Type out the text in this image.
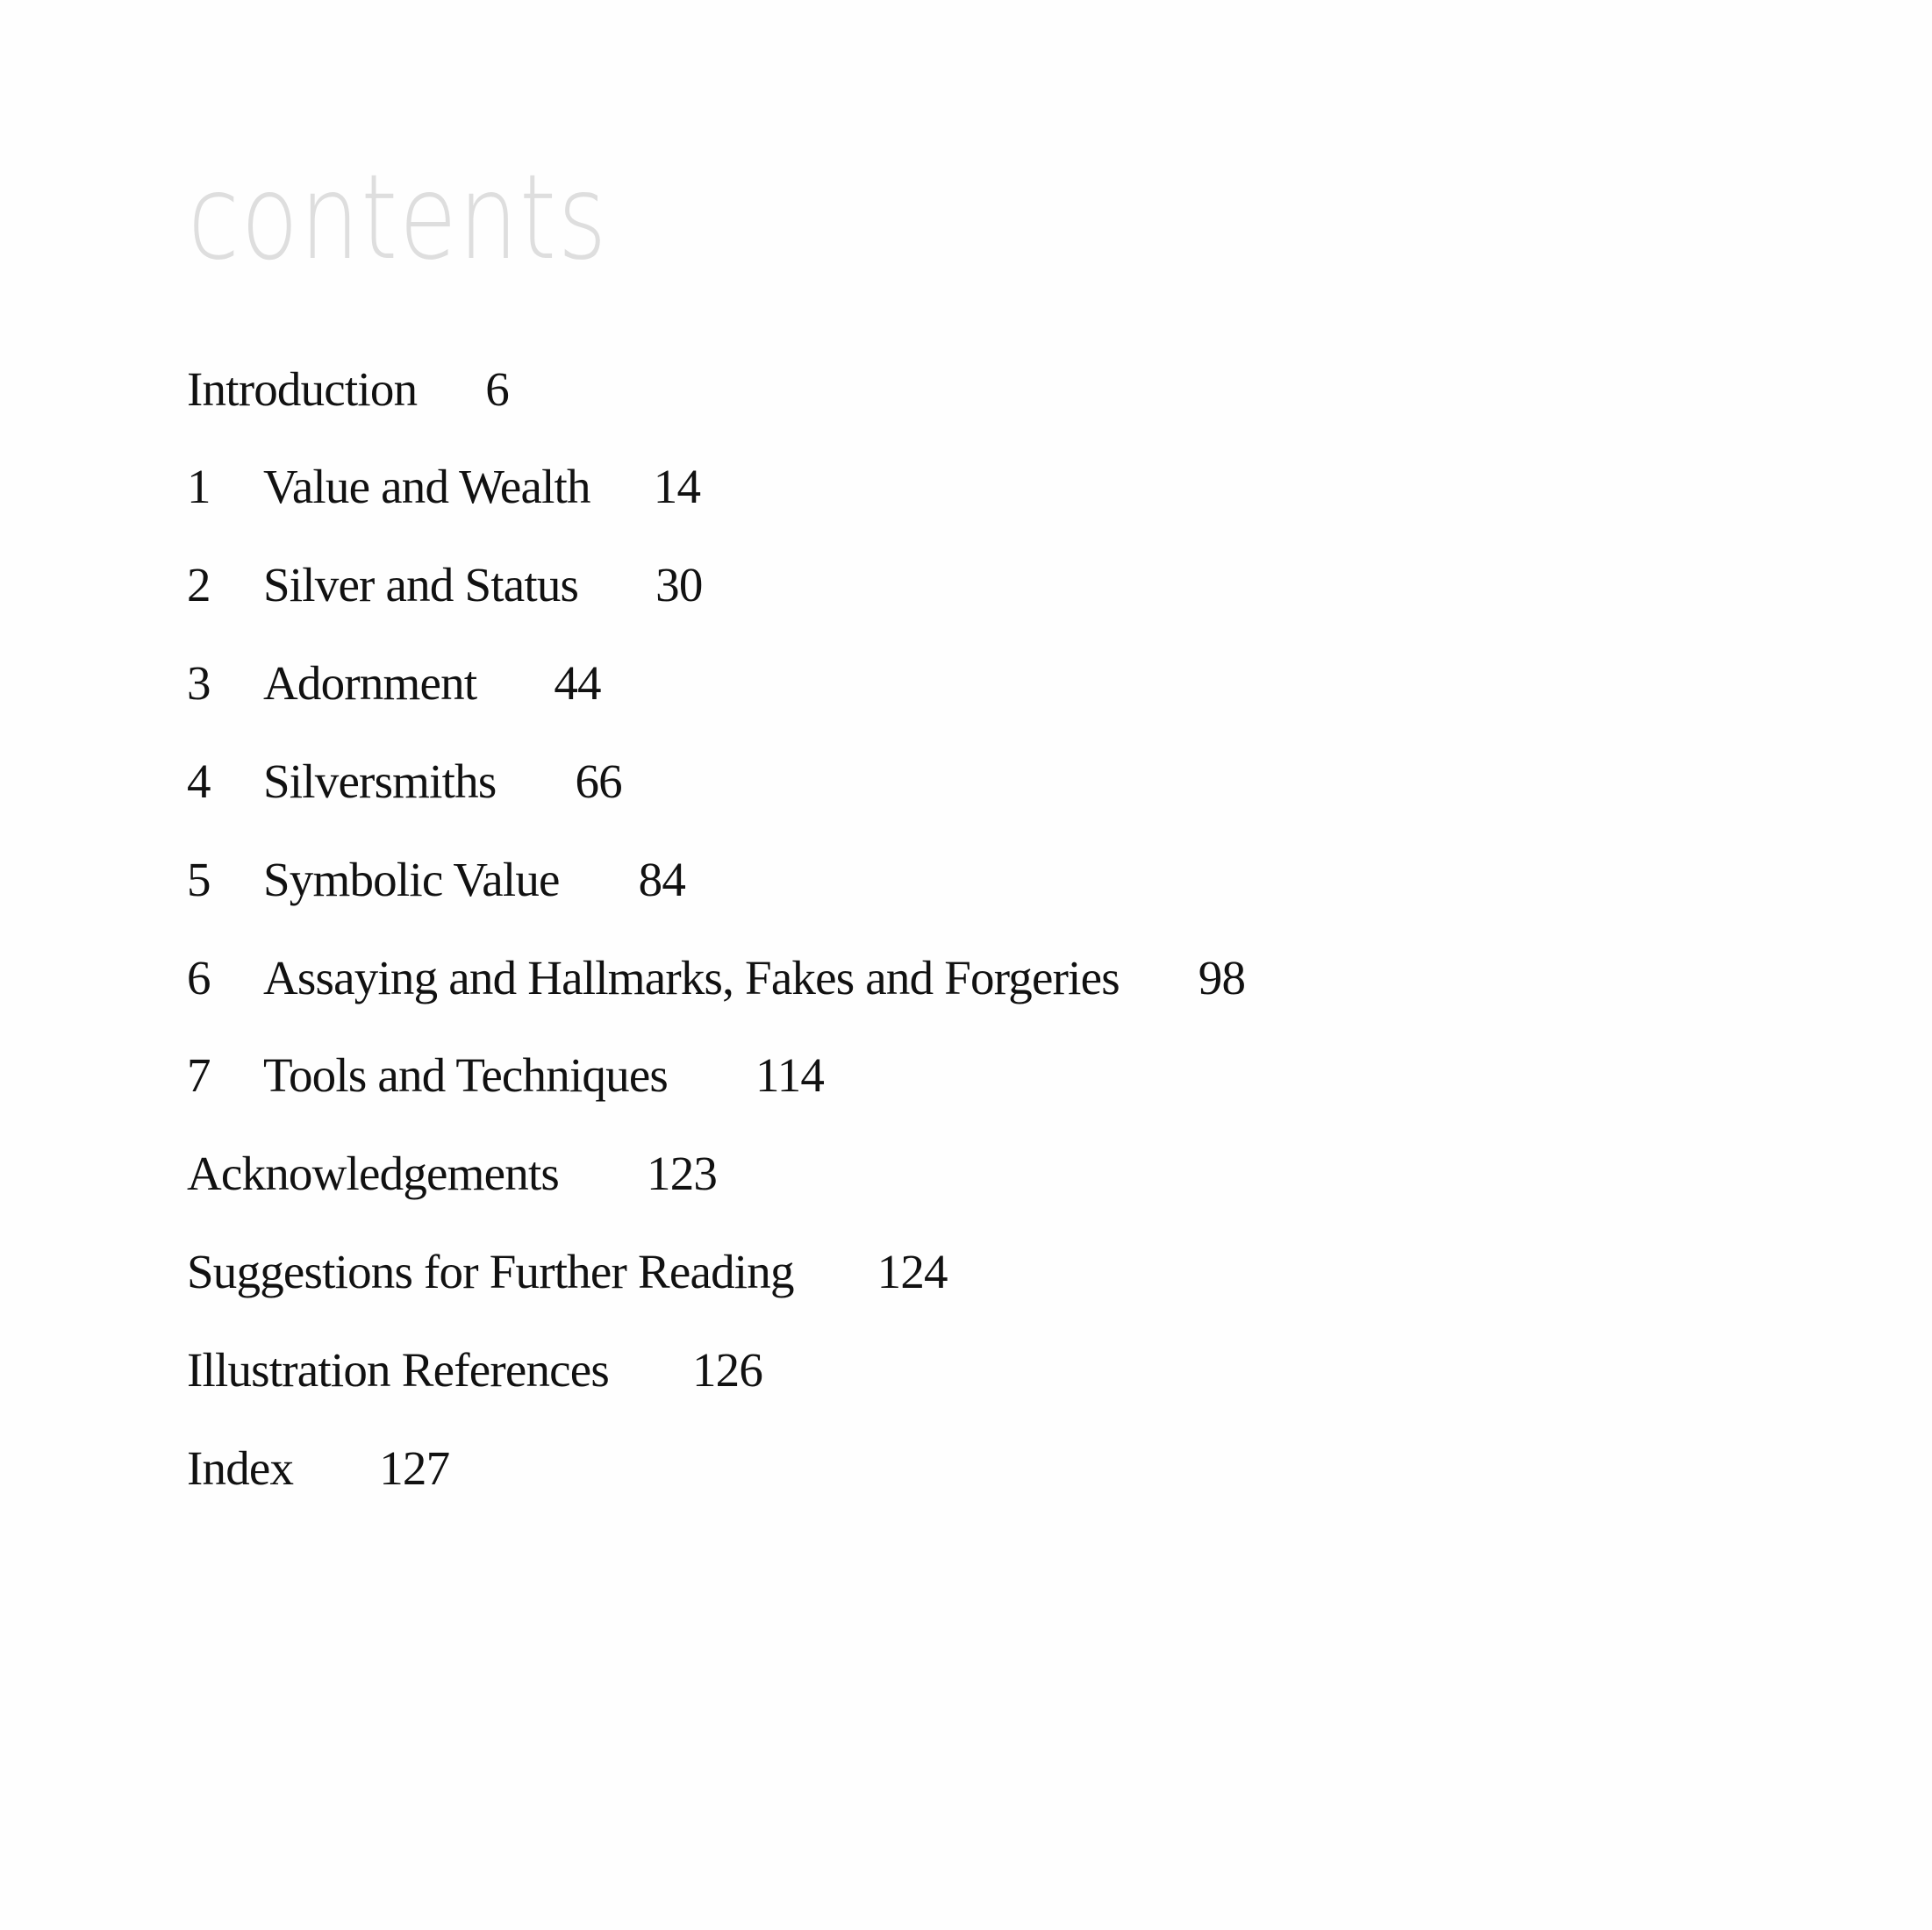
contents
Introduction 6
1	Value and Wealth 14
2	Silver and Status 30
3	Adornment 44
4	Silversmiths 66
5	Symbolic Value 84
6	Assaying and Hallmarks, Fakes and Forgeries 98
7	Tools and Techniques 114
Acknowledgements 123
Suggestions for Further Reading 124
Illustration References 126
Index 127
